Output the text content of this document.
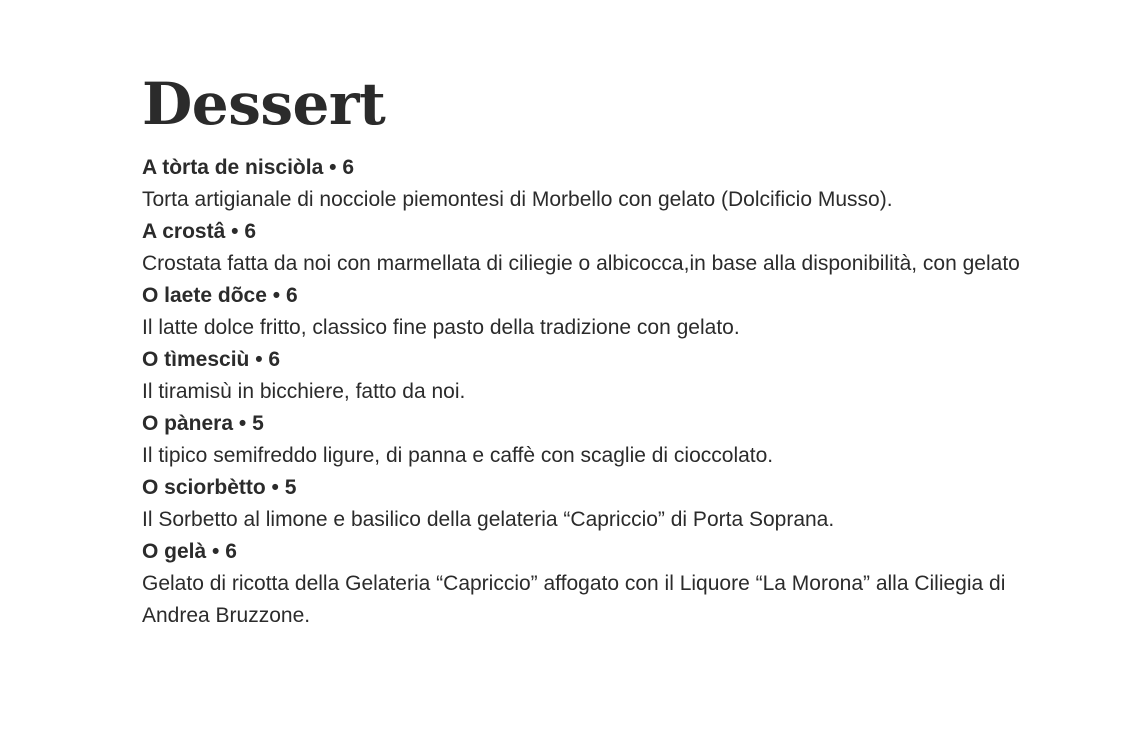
Dessert
A tòrta de nisciòla • 6
Torta artigianale di nocciole piemontesi di Morbello con gelato (Dolcificio Musso).
A crostâ • 6
Crostata fatta da noi con marmellata di ciliegie o albicocca,in base alla disponibilità, con gelato
O laete dõce • 6
Il latte dolce fritto, classico fine pasto della tradizione con gelato.
O tìmesciù • 6
Il tiramisù in bicchiere, fatto da noi.
O pànera • 5
Il tipico semifreddo ligure, di panna e caffè con scaglie di cioccolato.
O sciorbètto • 5
Il Sorbetto al limone e basilico della gelateria “Capriccio” di Porta Soprana.
O gelà • 6
Gelato di ricotta della Gelateria “Capriccio” affogato con il Liquore “La Morona” alla Ciliegia di Andrea Bruzzone.
